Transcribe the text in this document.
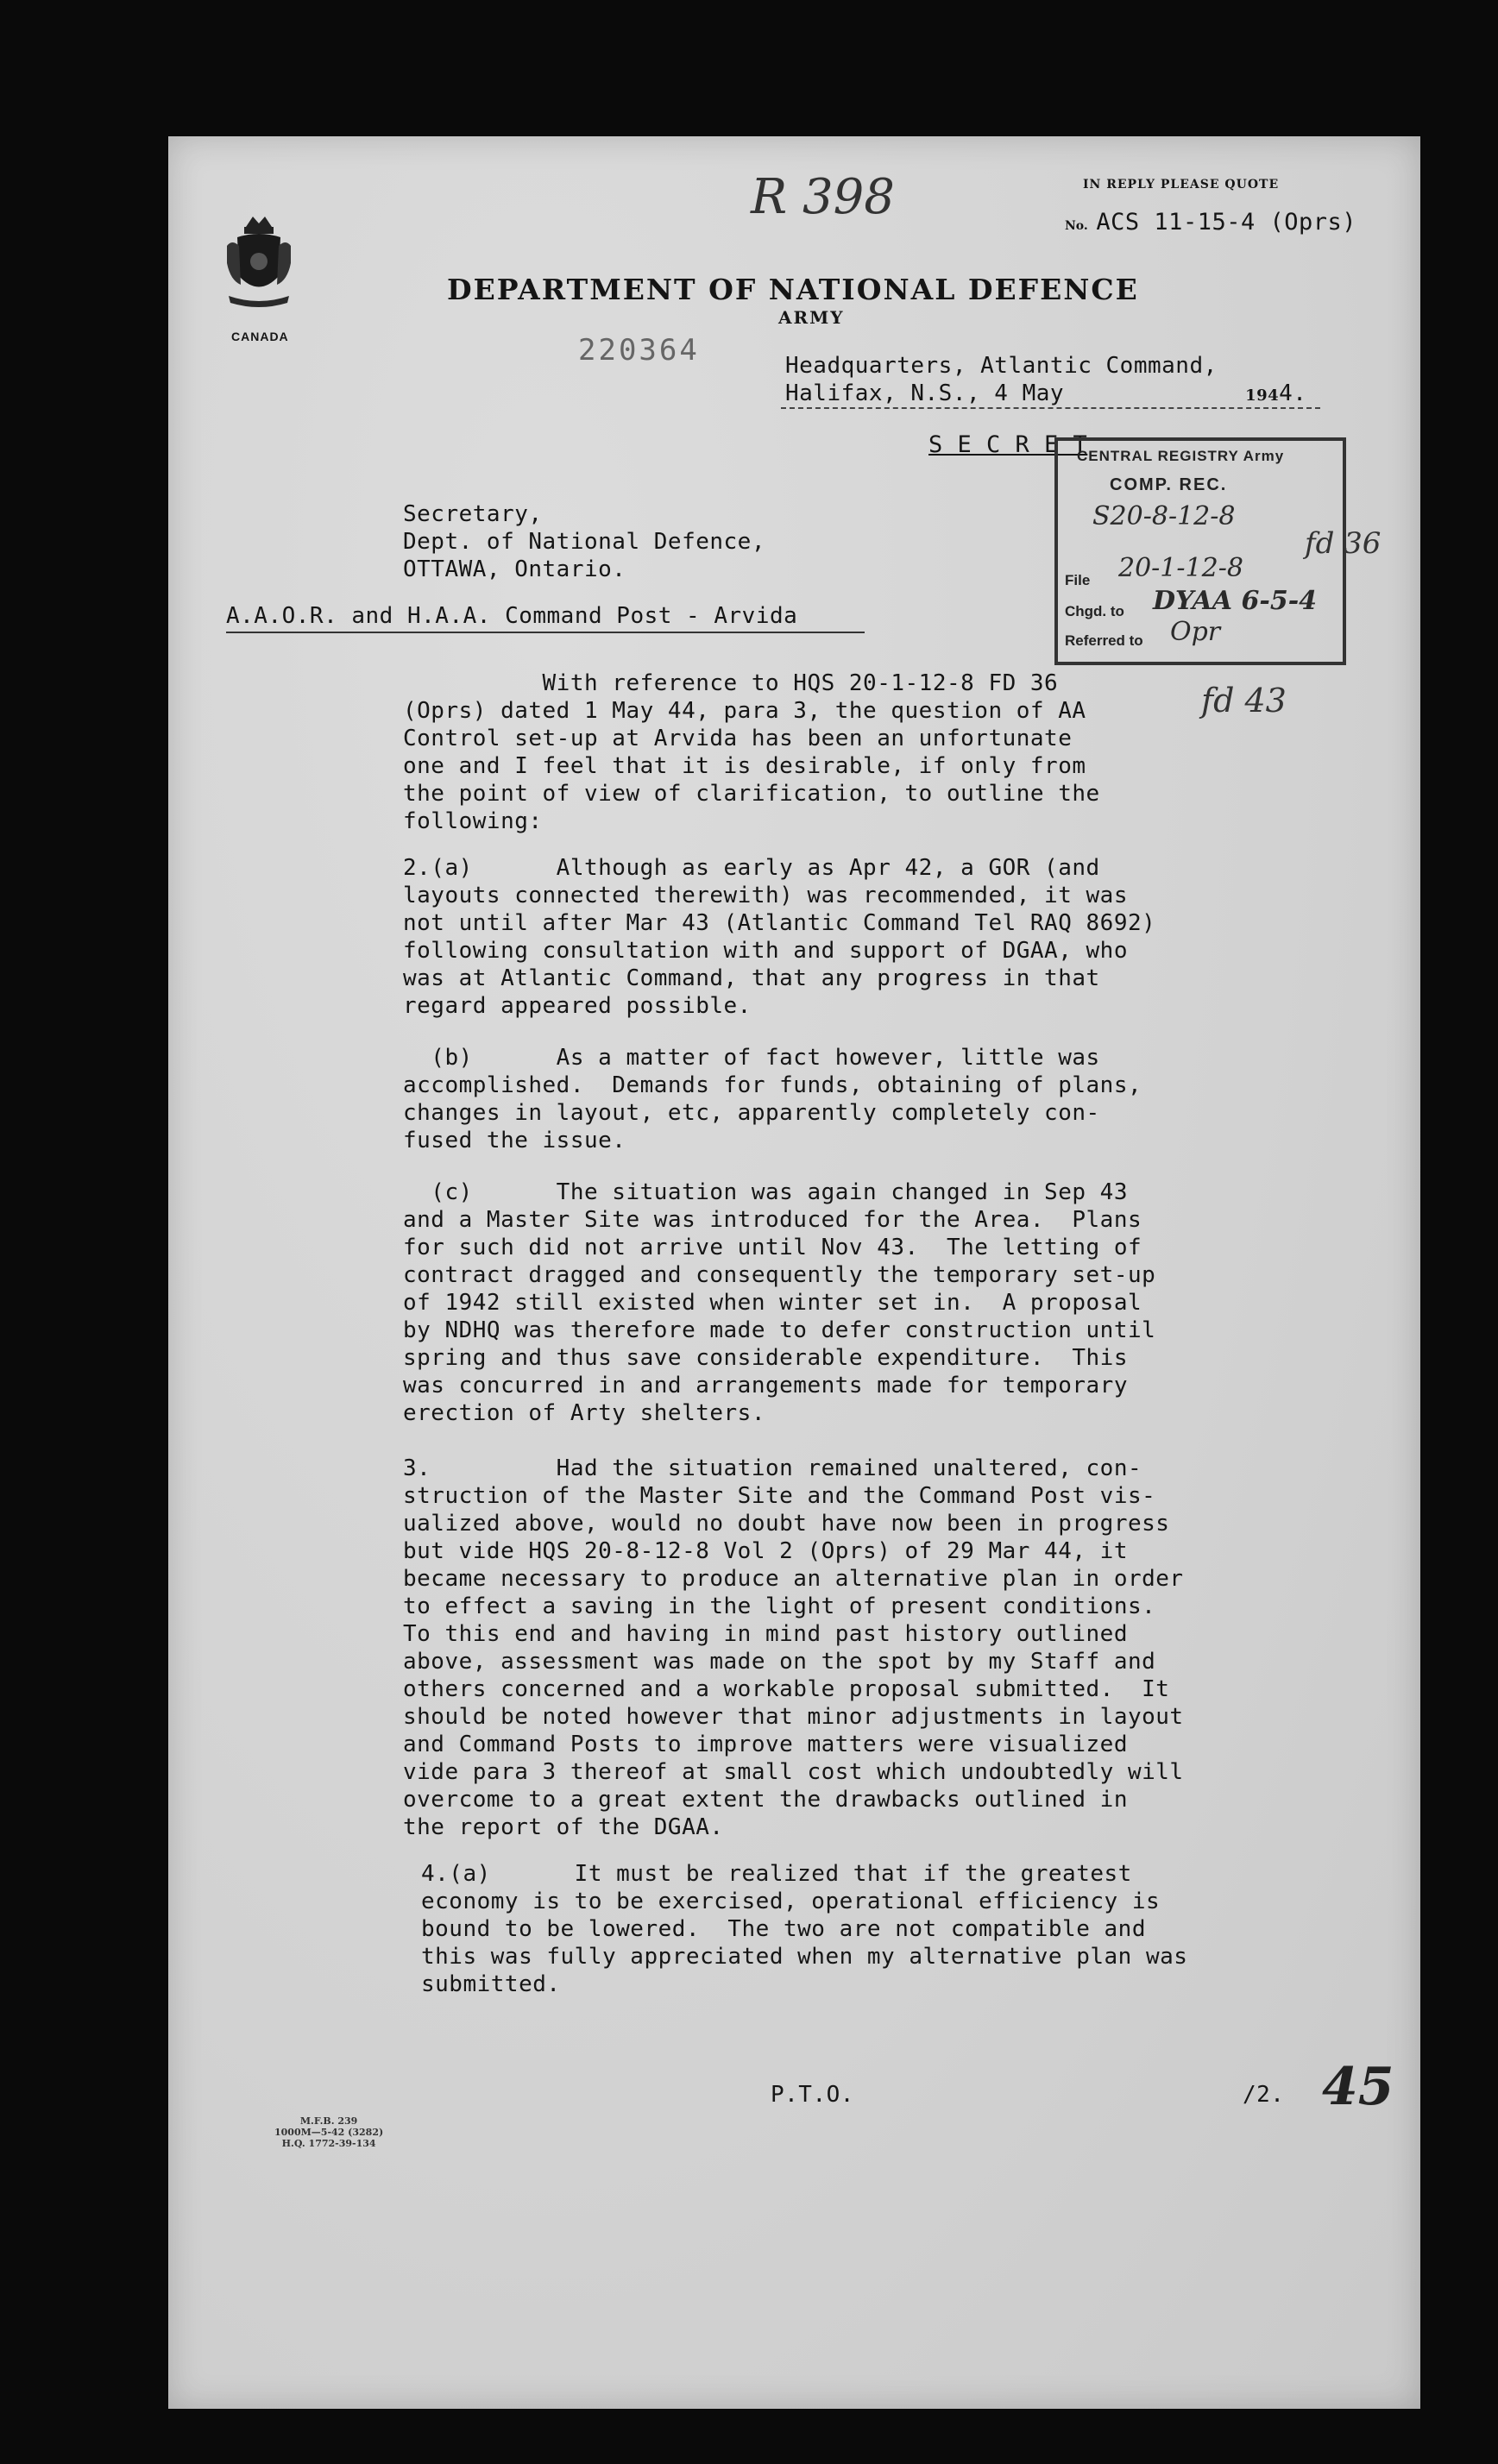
CANADA
IN REPLY PLEASE QUOTE
No. ACS 11-15-4 (Oprs)
R 398
DEPARTMENT OF NATIONAL DEFENCE
ARMY
220364	Headquarters, Atlantic Command,
Halifax, N.S., 4 May	1944.
S E C R E T
CENTRAL REGISTRY Army
COMP. REC.
S20-8-12-8
File 20-1-12-8
Chgd. to DYAA 6-5-4
Referred to Opr
fd 36
fd 43
Secretary,
Dept. of National Defence,
OTTAWA, Ontario.
A.A.O.R. and H.A.A. Command Post - Arvida
With reference to HQS 20-1-12-8 FD 36
(Oprs) dated 1 May 44, para 3, the question of AA
Control set-up at Arvida has been an unfortunate
one and I feel that it is desirable, if only from
the point of view of clarification, to outline the
following:
2.(a)      Although as early as Apr 42, a GOR (and
layouts connected therewith) was recommended, it was
not until after Mar 43 (Atlantic Command Tel RAQ 8692)
following consultation with and support of DGAA, who
was at Atlantic Command, that any progress in that
regard appeared possible.
(b)      As a matter of fact however, little was
accomplished.  Demands for funds, obtaining of plans,
changes in layout, etc, apparently completely con-
fused the issue.
(c)      The situation was again changed in Sep 43
and a Master Site was introduced for the Area.  Plans
for such did not arrive until Nov 43.  The letting of
contract dragged and consequently the temporary set-up
of 1942 still existed when winter set in.  A proposal
by NDHQ was therefore made to defer construction until
spring and thus save considerable expenditure.  This
was concurred in and arrangements made for temporary
erection of Arty shelters.
3.         Had the situation remained unaltered, con-
struction of the Master Site and the Command Post vis-
ualized above, would no doubt have now been in progress
but vide HQS 20-8-12-8 Vol 2 (Oprs) of 29 Mar 44, it
became necessary to produce an alternative plan in order
to effect a saving in the light of present conditions.
To this end and having in mind past history outlined
above, assessment was made on the spot by my Staff and
others concerned and a workable proposal submitted.  It
should be noted however that minor adjustments in layout
and Command Posts to improve matters were visualized
vide para 3 thereof at small cost which undoubtedly will
overcome to a great extent the drawbacks outlined in
the report of the DGAA.
4.(a)      It must be realized that if the greatest
economy is to be exercised, operational efficiency is
bound to be lowered.  The two are not compatible and
this was fully appreciated when my alternative plan was
submitted.
P.T.O.	/2. 45
M.F.B. 239
1000M—5-42 (3282)
H.Q. 1772-39-134
